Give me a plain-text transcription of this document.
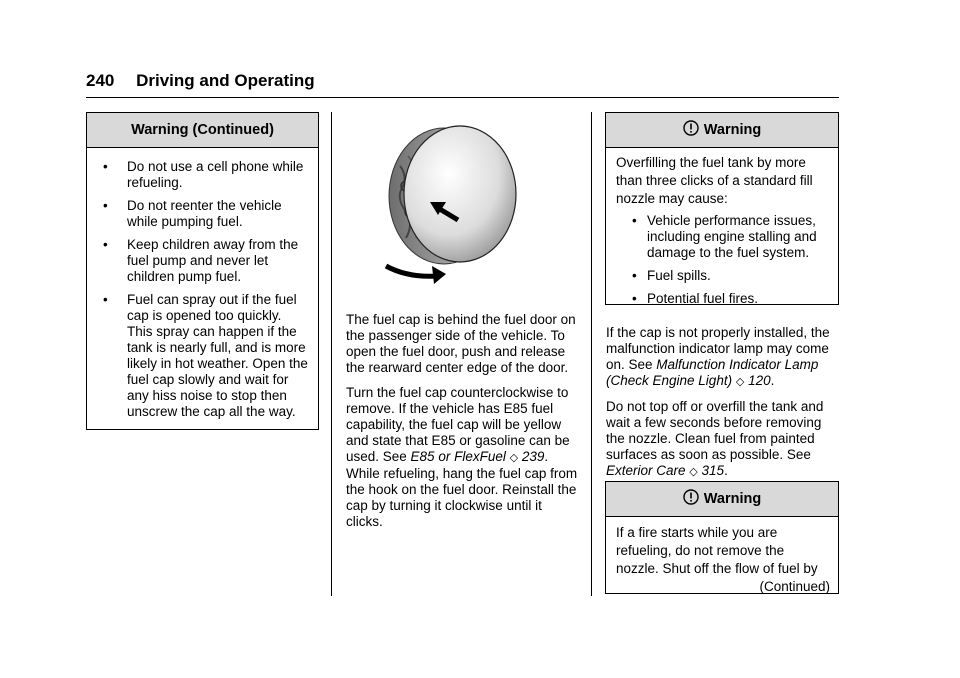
240 Driving and Operating
Warning (Continued)
• Do not use a cell phone while refueling.
• Do not reenter the vehicle while pumping fuel.
• Keep children away from the fuel pump and never let children pump fuel.
• Fuel can spray out if the fuel cap is opened too quickly. This spray can happen if the tank is nearly full, and is more likely in hot weather. Open the fuel cap slowly and wait for any hiss noise to stop then unscrew the cap all the way.

The fuel cap is behind the fuel door on the passenger side of the vehicle. To open the fuel door, push and release the rearward center edge of the door.

Turn the fuel cap counterclockwise to remove. If the vehicle has E85 fuel capability, the fuel cap will be yellow and state that E85 or gasoline can be used. See E85 or FlexFuel ◇ 239. While refueling, hang the fuel cap from the hook on the fuel door. Reinstall the cap by turning it clockwise until it clicks.

Warning
Overfilling the fuel tank by more than three clicks of a standard fill nozzle may cause:
• Vehicle performance issues, including engine stalling and damage to the fuel system.
• Fuel spills.
• Potential fuel fires.

If the cap is not properly installed, the malfunction indicator lamp may come on. See Malfunction Indicator Lamp (Check Engine Light) ◇ 120.

Do not top off or overfill the tank and wait a few seconds before removing the nozzle. Clean fuel from painted surfaces as soon as possible. See Exterior Care ◇ 315.

Warning
If a fire starts while you are refueling, do not remove the nozzle. Shut off the flow of fuel by
(Continued)
